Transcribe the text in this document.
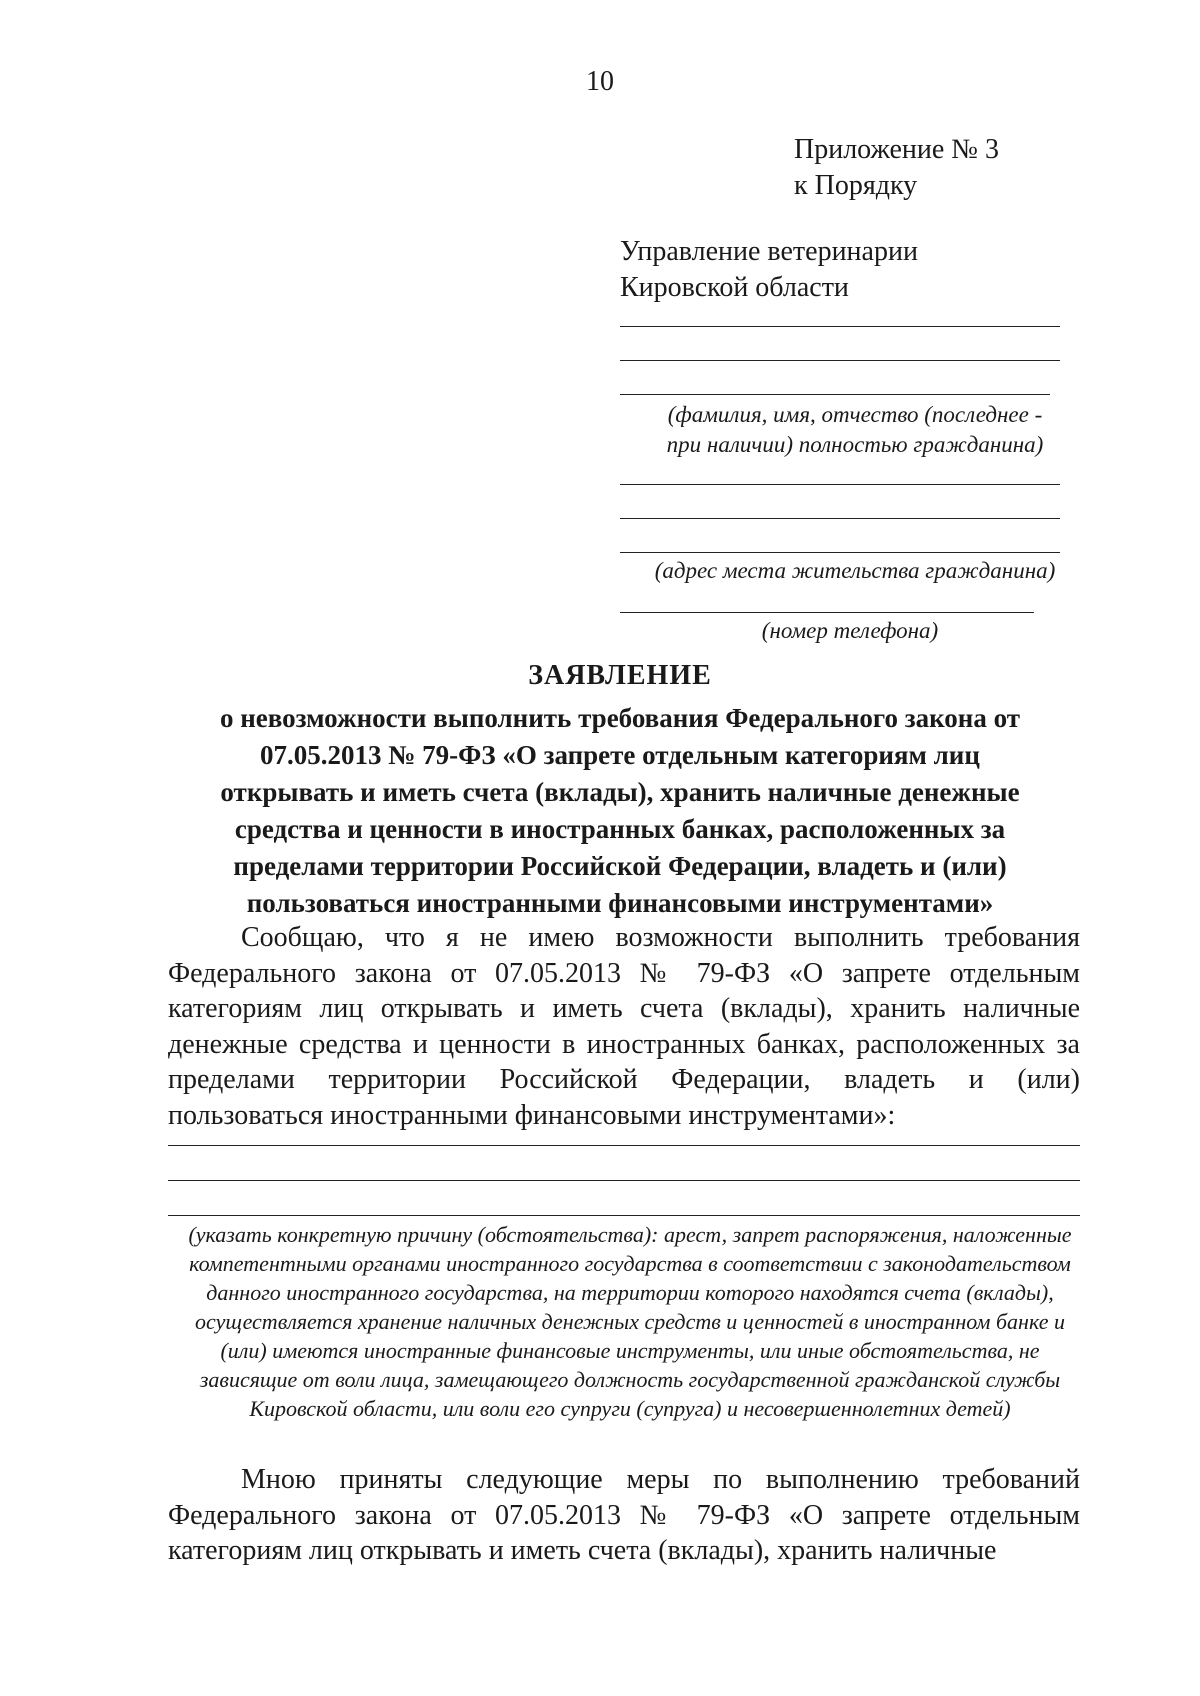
10
Приложение № 3
к Порядку
Управление ветеринарии
Кировской области
(фамилия, имя, отчество (последнее -
при наличии) полностью гражданина)
(адрес места жительства гражданина)
(номер телефона)
ЗАЯВЛЕНИЕ
о невозможности выполнить требования Федерального закона от 07.05.2013 № 79-ФЗ «О запрете отдельным категориям лиц открывать и иметь счета (вклады), хранить наличные денежные средства и ценности в иностранных банках, расположенных за пределами территории Российской Федерации, владеть и (или) пользоваться иностранными финансовыми инструментами»

Сообщаю, что я не имею возможности выполнить требования Федерального закона от 07.05.2013 № 79-ФЗ «О запрете отдельным категориям лиц открывать и иметь счета (вклады), хранить наличные денежные средства и ценности в иностранных банках, расположенных за пределами территории Российской Федерации, владеть и (или) пользоваться иностранными финансовыми инструментами»:

(указать конкретную причину (обстоятельства): арест, запрет распоряжения, наложенные компетентными органами иностранного государства в соответствии с законодательством данного иностранного государства, на территории которого находятся счета (вклады), осуществляется хранение наличных денежных средств и ценностей в иностранном банке и (или) имеются иностранные финансовые инструменты, или иные обстоятельства, не зависящие от воли лица, замещающего должность государственной гражданской службы Кировской области, или воли его супруги (супруга) и несовершеннолетних детей)

Мною приняты следующие меры по выполнению требований Федерального закона от 07.05.2013 № 79-ФЗ «О запрете отдельным категориям лиц открывать и иметь счета (вклады), хранить наличные
